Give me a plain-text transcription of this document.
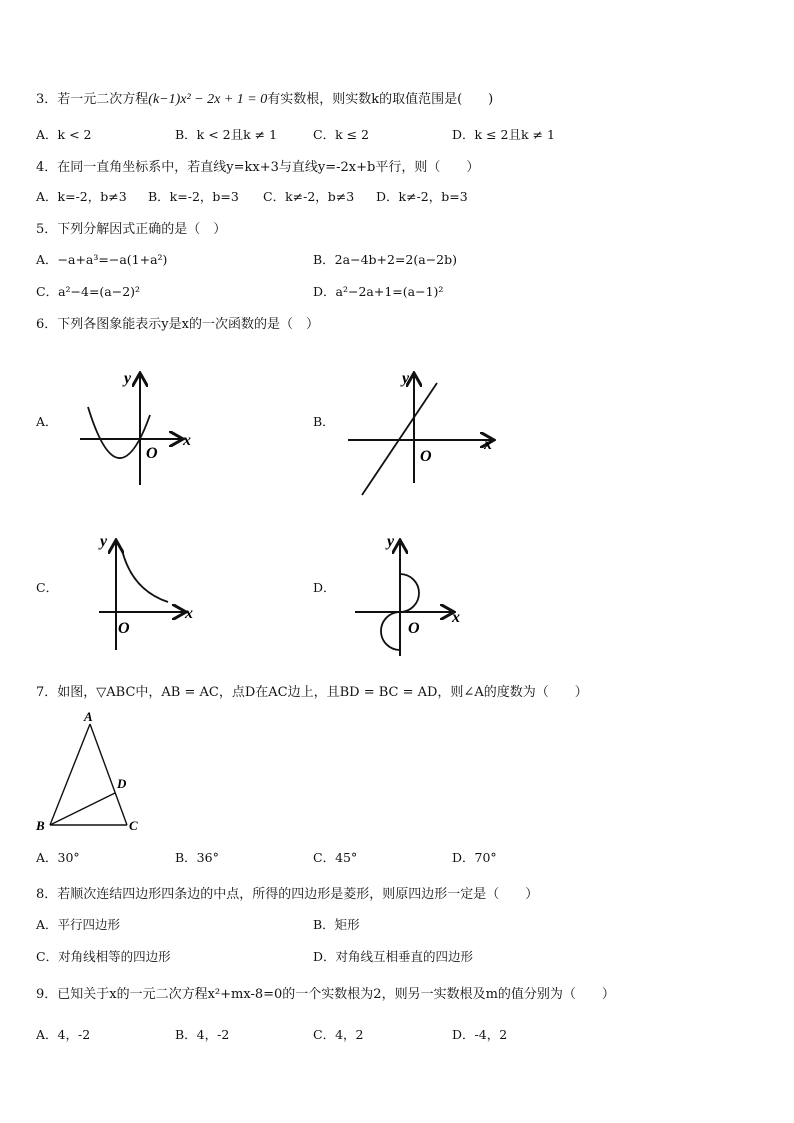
3．若一元二次方程(k−1)x² − 2x + 1 = 0有实数根，则实数k的取值范围是(　　)
A．k < 2	B．k < 2且k ≠ 1	C．k ≤ 2	D．k ≤ 2且k ≠ 1
4．在同一直角坐标系中，若直线y=kx+3与直线y=-2x+b平行，则（　　）
A．k=-2，b≠3 B．k=-2，b=3 C．k≠-2，b≠3 D．k≠-2，b=3
5．下列分解因式正确的是（　）
A．−a+a³=−a(1+a²)	B．2a−4b+2=2(a−2b)
C．a²−4=(a−2)²	D．a²−2a+1=(a−1)²
6．下列各图象能表示y是x的一次函数的是（　）
A．	B．
C．	D．
x
y
O
x
y
O
x
y
O
x
y
O
7．如图，▽ABC中，AB = AC，点D在AC边上，且BD = BC = AD，则∠A的度数为（　　）
A
B	C
D
A．30°	B．36°	C．45°	D．70°
8．若顺次连结四边形四条边的中点，所得的四边形是菱形，则原四边形一定是（　　）
A．平行四边形	B．矩形
C．对角线相等的四边形	D．对角线互相垂直的四边形
9．已知关于x的一元二次方程x²+mx-8=0的一个实数根为2，则另一实数根及m的值分别为（　　）
A．4，-2	B．4，-2	C．4，2	D．-4，2
